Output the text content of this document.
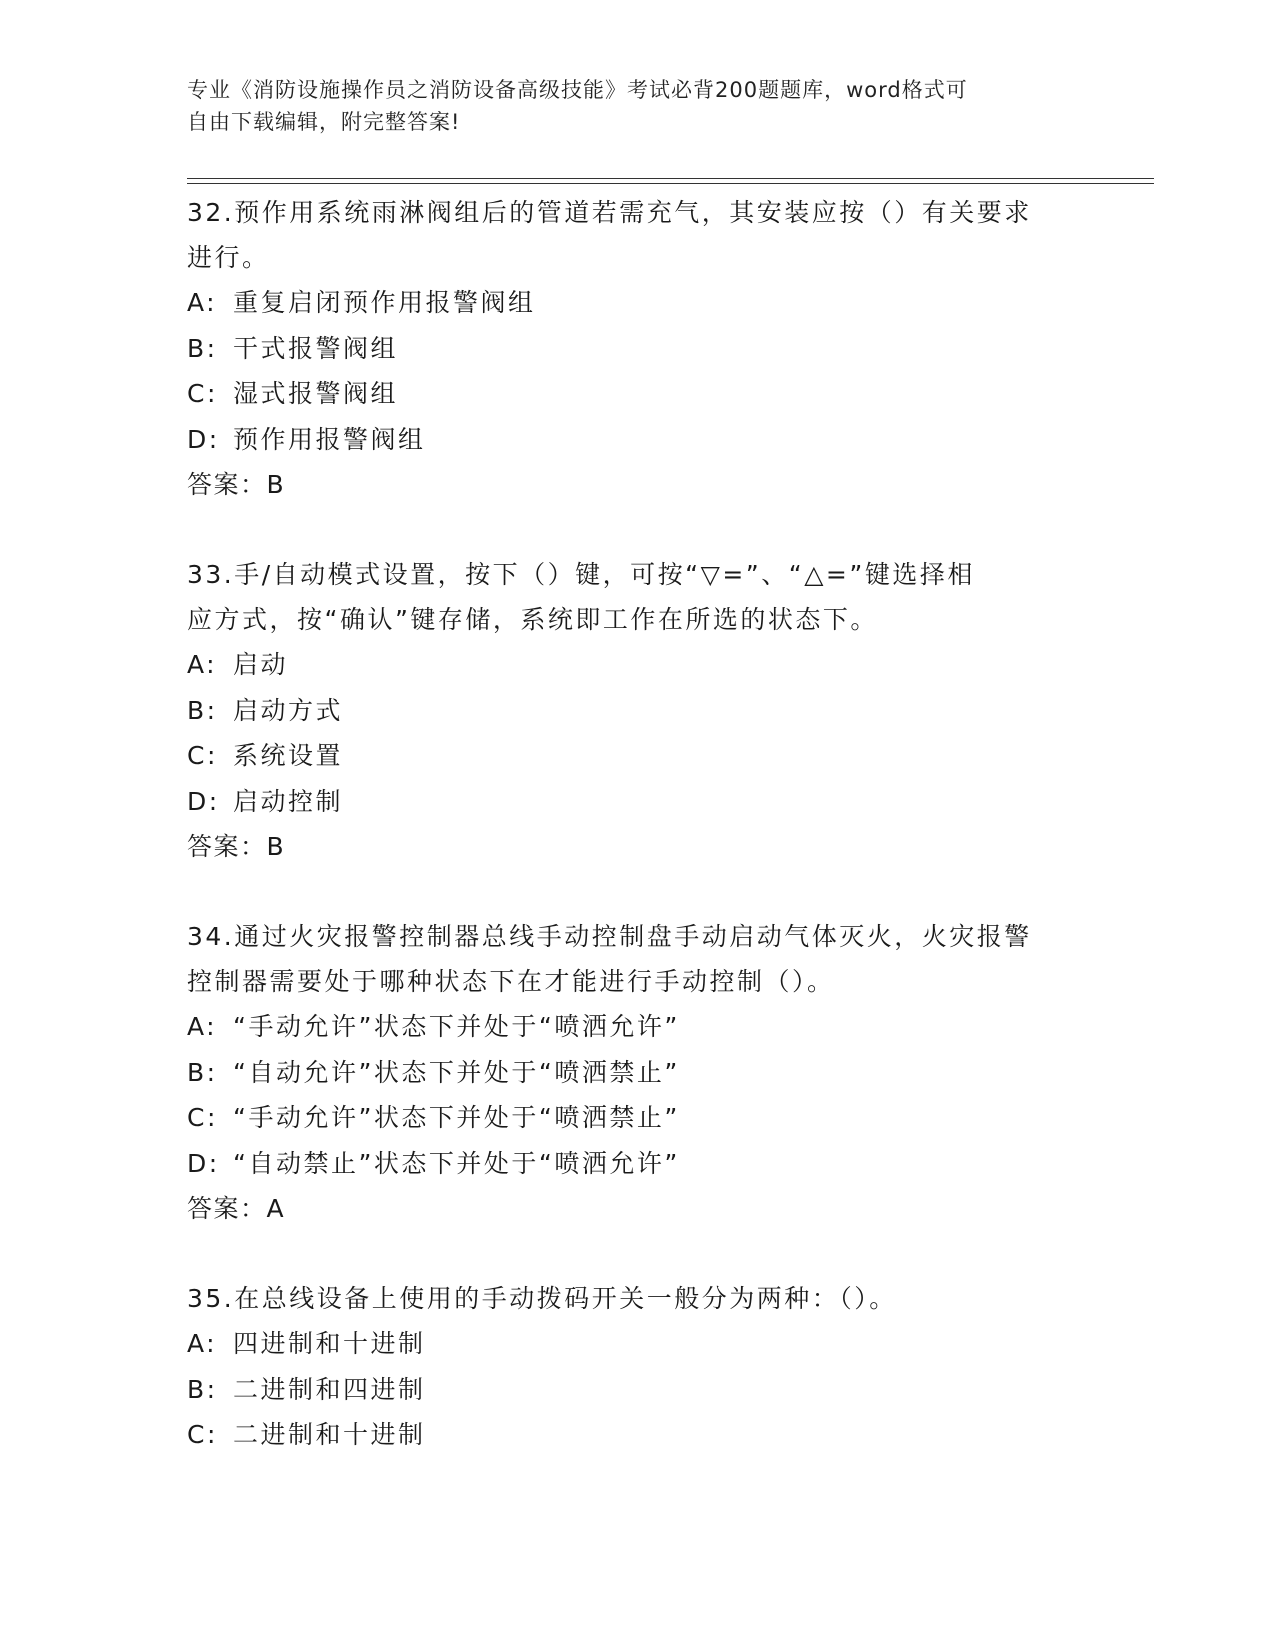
专业《消防设施操作员之消防设备高级技能》考试必背200题题库，word格式可
自由下载编辑，附完整答案!
32.预作用系统雨淋阀组后的管道若需充气，其安装应按（）有关要求
进行。
A: 重复启闭预作用报警阀组
B: 干式报警阀组
C: 湿式报警阀组
D: 预作用报警阀组
答案：B
33.手/自动模式设置，按下（）键，可按“▽=”、“△=”键选择相
应方式，按“确认”键存储，系统即工作在所选的状态下。
A: 启动
B: 启动方式
C: 系统设置
D: 启动控制
答案：B
34.通过火灾报警控制器总线手动控制盘手动启动气体灭火，火灾报警
控制器需要处于哪种状态下在才能进行手动控制（）。
A: “手动允许”状态下并处于“喷洒允许”
B: “自动允许”状态下并处于“喷洒禁止”
C: “手动允许”状态下并处于“喷洒禁止”
D: “自动禁止”状态下并处于“喷洒允许”
答案：A
35.在总线设备上使用的手动拨码开关一般分为两种：（）。
A: 四进制和十进制
B: 二进制和四进制
C: 二进制和十进制
